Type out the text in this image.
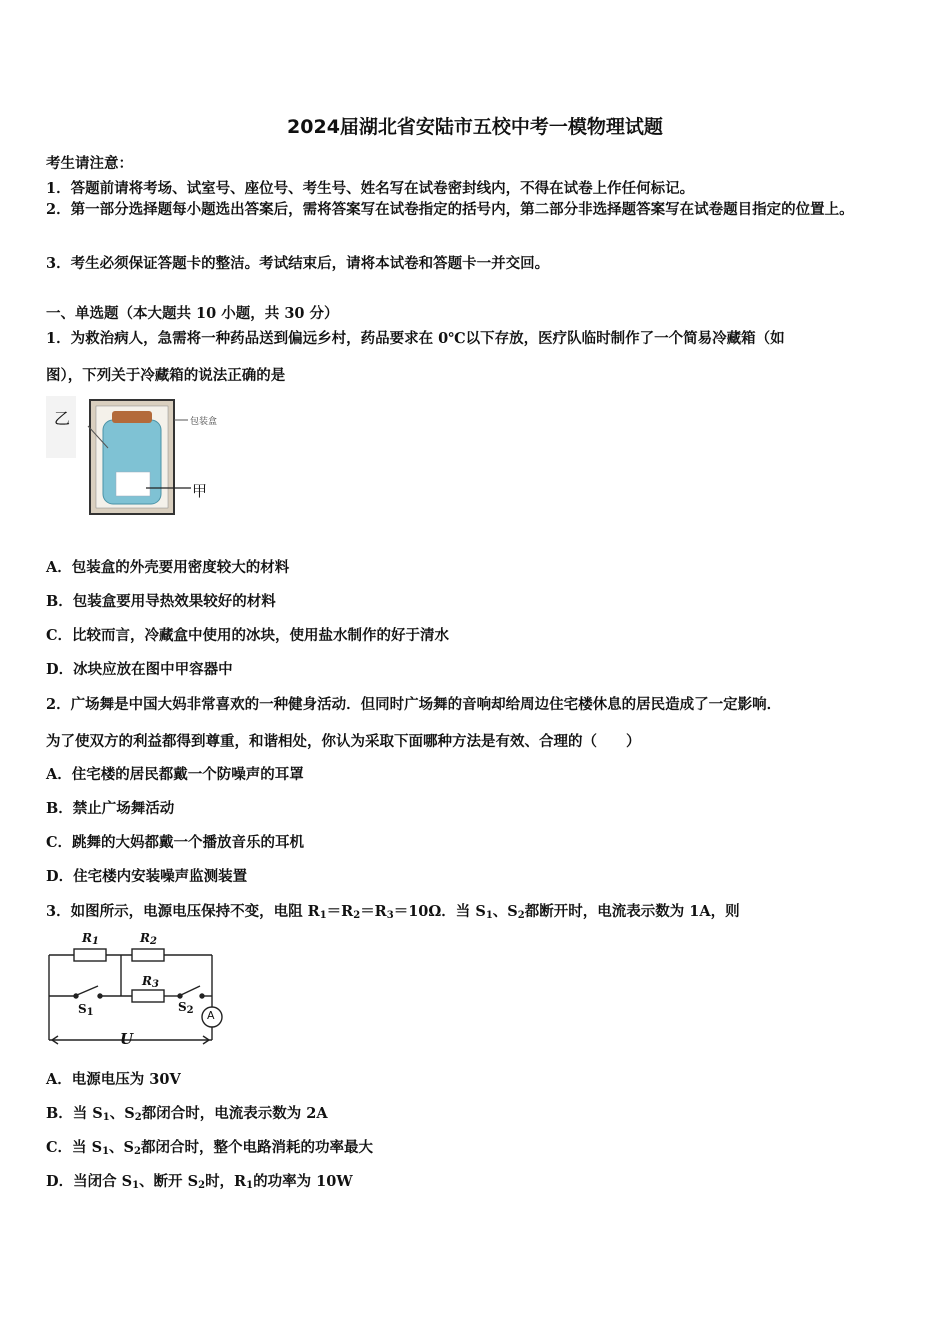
2024届湖北省安陆市五校中考一模物理试题
考生请注意：
1．答题前请将考场、试室号、座位号、考生号、姓名写在试卷密封线内，不得在试卷上作任何标记。
2．第一部分选择题每小题选出答案后，需将答案写在试卷指定的括号内，第二部分非选择题答案写在试卷题目指定的位置上。
3．考生必须保证答题卡的整洁。考试结束后，请将本试卷和答题卡一并交回。
一、单选题（本大题共 10 小题，共 30 分）
1．为救治病人，急需将一种药品送到偏远乡村，药品要求在 0℃以下存放，医疗队临时制作了一个简易冷藏箱（如
图），下列关于冷藏箱的说法正确的是
乙	包装盒
甲
A．包装盒的外壳要用密度较大的材料
B．包装盒要用导热效果较好的材料
C．比较而言，冷藏盒中使用的冰块，使用盐水制作的好于清水
D．冰块应放在图中甲容器中
2．广场舞是中国大妈非常喜欢的一种健身活动．但同时广场舞的音响却给周边住宅楼休息的居民造成了一定影响．
为了使双方的利益都得到尊重，和谐相处，你认为采取下面哪种方法是有效、合理的（　　）
A．住宅楼的居民都戴一个防噪声的耳罩
B．禁止广场舞活动
C．跳舞的大妈都戴一个播放音乐的耳机
D．住宅楼内安装噪声监测装置
3．如图所示，电源电压保持不变，电阻 $R_1=R_2=R_3=10\Omega$．当 $S_1$、$S_2$都断开时，电流表示数为 1A，则
$R_1$	$R_2$
$R_3$
$S_1$	$S_2$ A
U
A．电源电压为 30V
B．当 $S_1$、$S_2$都闭合时，电流表示数为 2A
C．当 $S_1$、$S_2$都闭合时，整个电路消耗的功率最大
D．当闭合 $S_1$、断开 $S_2$时，$R_1$的功率为 10W
